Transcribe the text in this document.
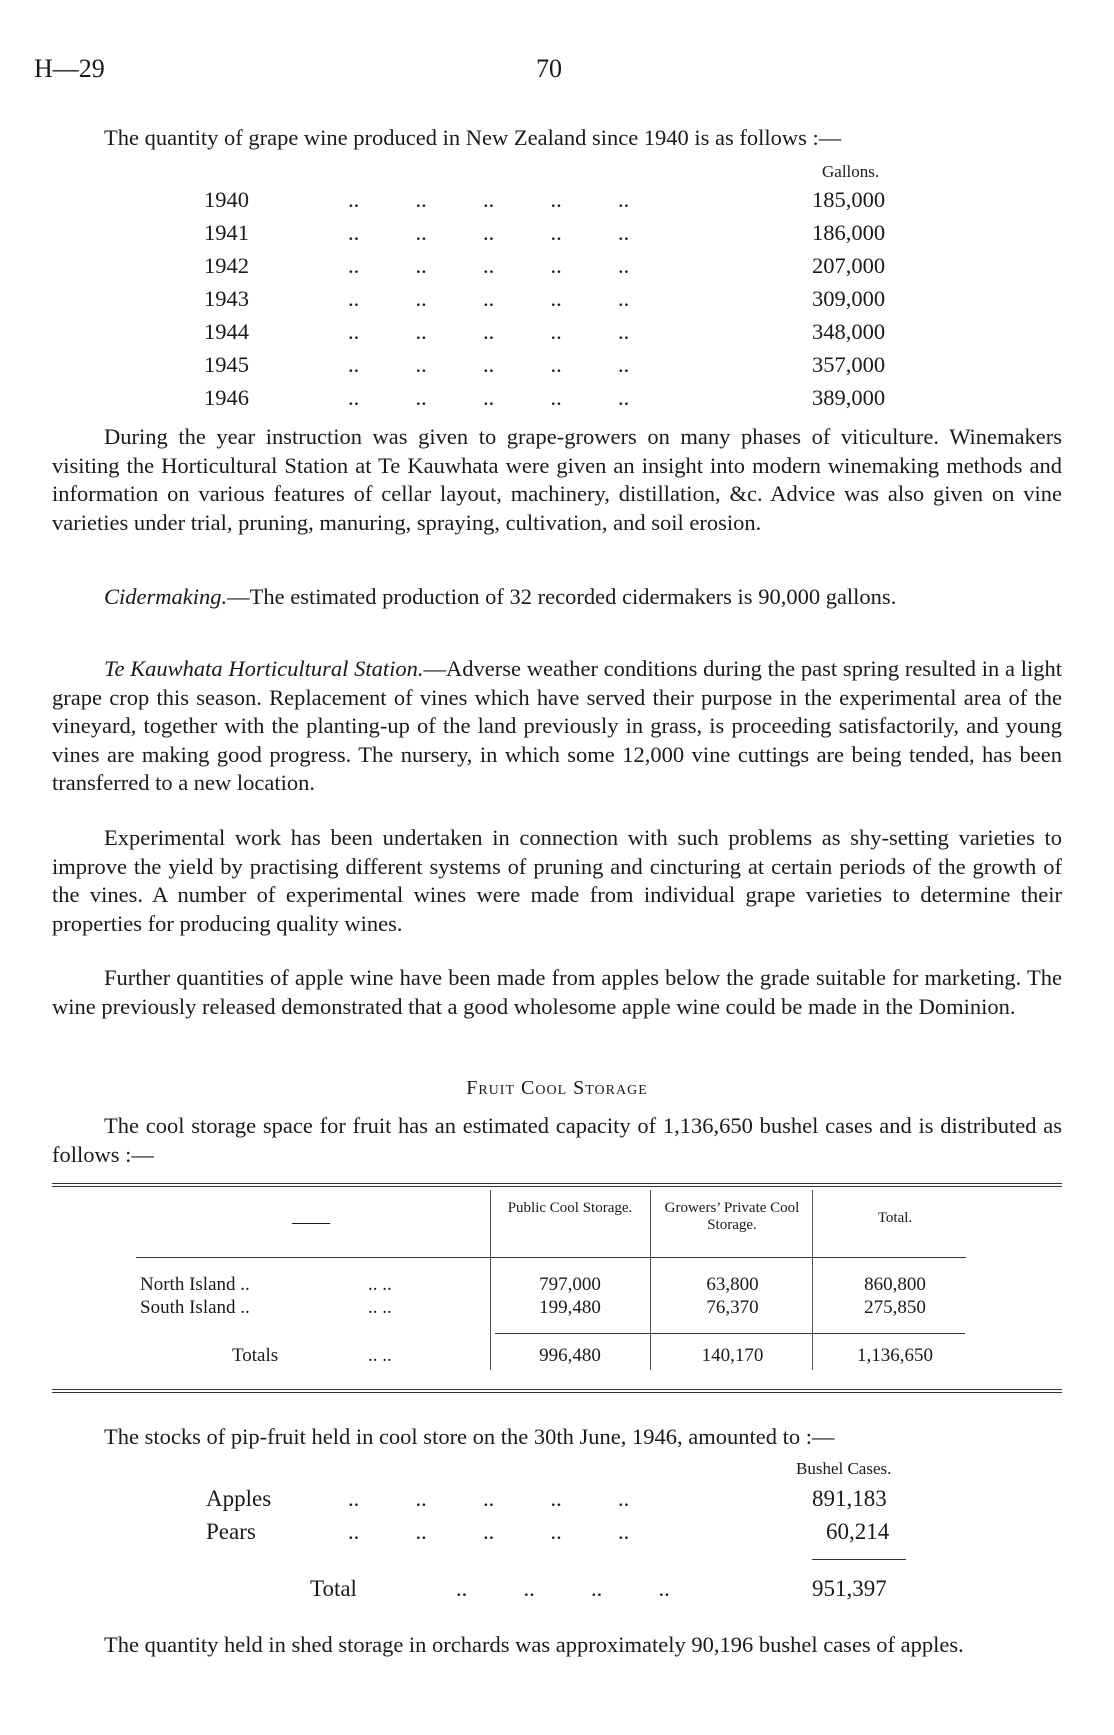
H—29	70
The quantity of grape wine produced in New Zealand since 1940 is as follows :—
Gallons.
1940	..          ..          ..          ..          ..	185,000
1941	..          ..          ..          ..          ..	186,000
1942	..          ..          ..          ..          ..	207,000
1943	..          ..          ..          ..          ..	309,000
1944	..          ..          ..          ..          ..	348,000
1945	..          ..          ..          ..          ..	357,000
1946	..          ..          ..          ..          ..	389,000
During the year instruction was given to grape-growers on many phases of viticulture. Winemakers visiting the Horticultural Station at Te Kauwhata were given an insight into modern winemaking methods and information on various features of cellar layout, machinery, distillation, &c. Advice was also given on vine varieties under trial, pruning, manuring, spraying, cultivation, and soil erosion.
Cidermaking.—The estimated production of 32 recorded cidermakers is 90,000 gallons.
Te Kauwhata Horticultural Station.—Adverse weather conditions during the past spring resulted in a light grape crop this season. Replacement of vines which have served their purpose in the experimental area of the vineyard, together with the planting-up of the land previously in grass, is proceeding satisfactorily, and young vines are making good progress. The nursery, in which some 12,000 vine cuttings are being tended, has been transferred to a new location.
Experimental work has been undertaken in connection with such problems as shy-setting varieties to improve the yield by practising different systems of pruning and cincturing at certain periods of the growth of the vines. A number of experimental wines were made from individual grape varieties to determine their properties for producing quality wines.
Further quantities of apple wine have been made from apples below the grade suitable for marketing. The wine previously released demonstrated that a good wholesome apple wine could be made in the Dominion.
Fruit Cool Storage
The cool storage space for fruit has an estimated capacity of 1,136,650 bushel cases and is distributed as follows :—
——
Public Cool Storage.	Growers’ Private Cool Storage.	Total.
North Island ..	.. ..	797,000	63,800	860,800
South Island ..	.. ..	199,480	76,370	275,850
Totals	.. ..	996,480	140,170	1,136,650
The stocks of pip-fruit held in cool store on the 30th June, 1946, amounted to :—
Bushel Cases.
Apples	..          ..          ..          ..          ..	891,183
Pears	..          ..          ..          ..          ..	60,214
Total	..          ..          ..          ..	951,397
The quantity held in shed storage in orchards was approximately 90,196 bushel cases of apples.
